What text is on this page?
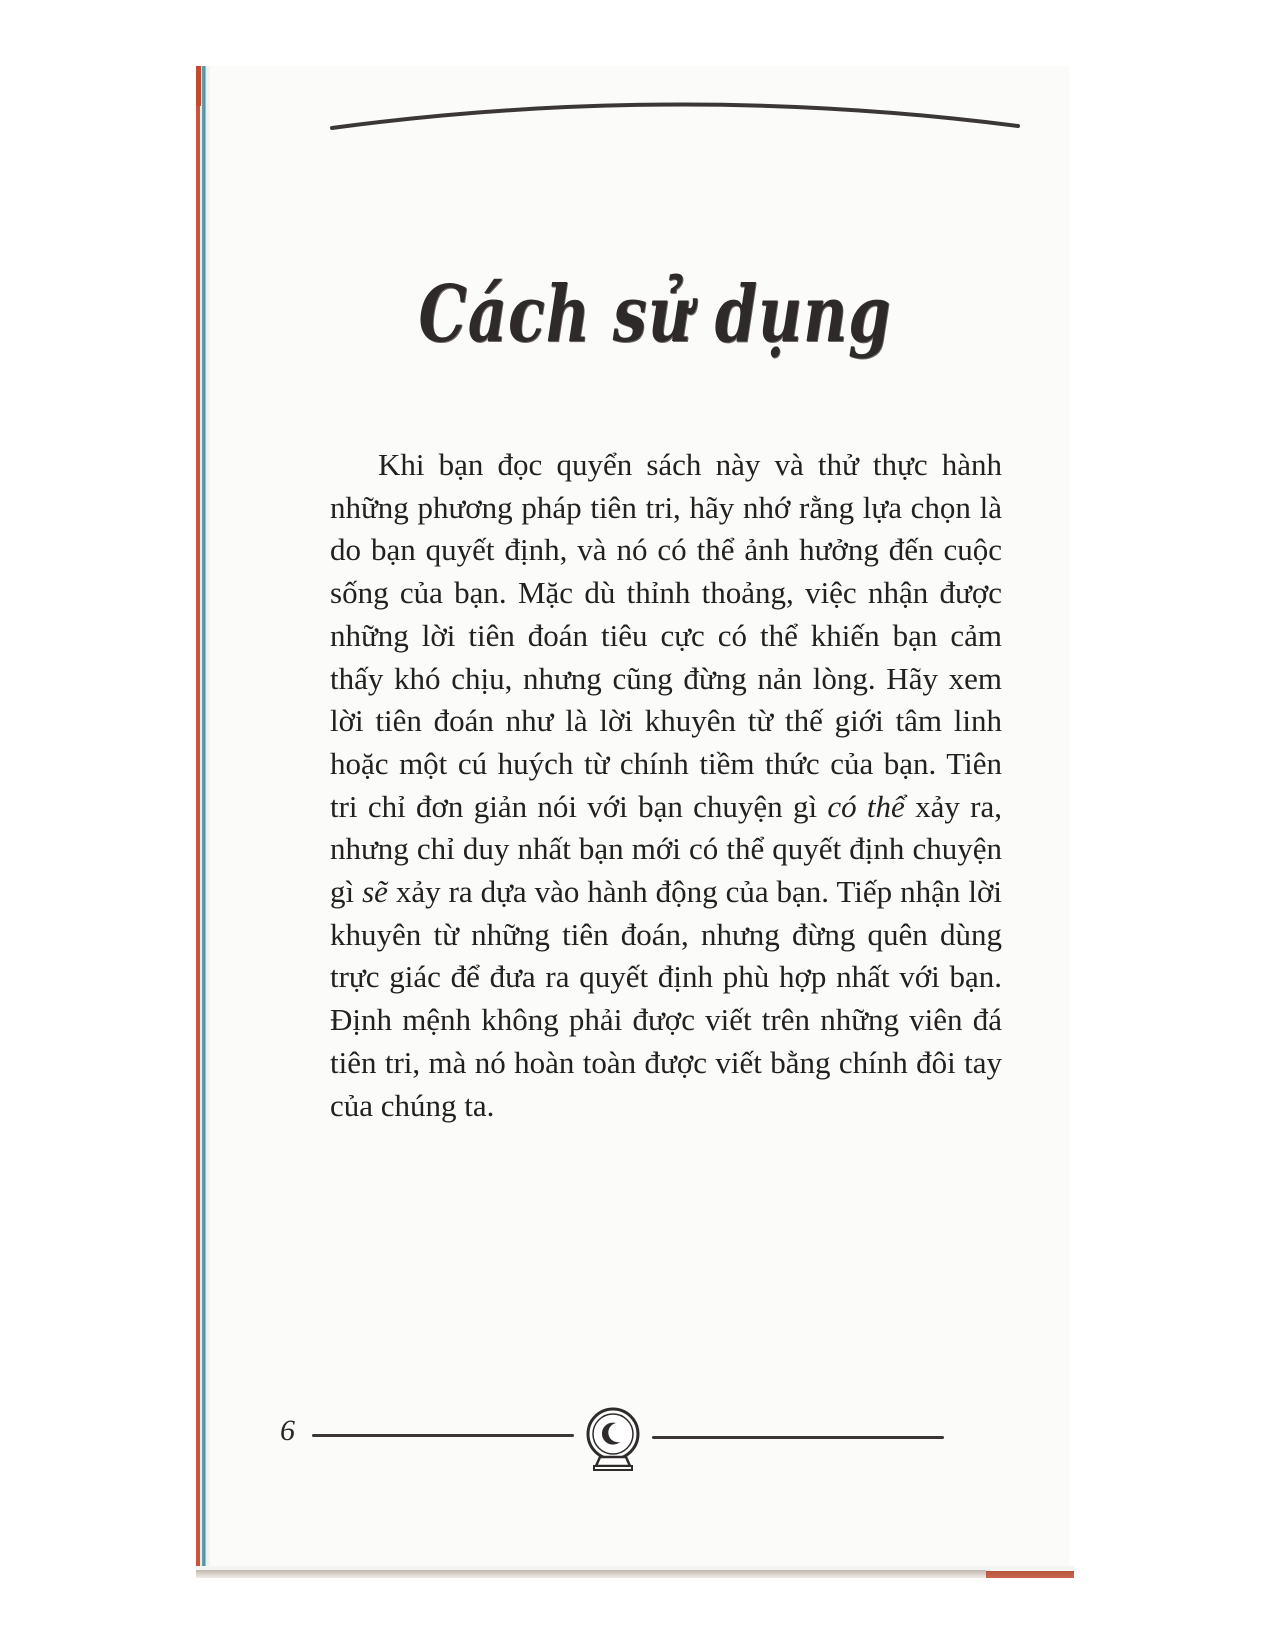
Cách sử dụng

Khi bạn đọc quyển sách này và thử thực hành những phương pháp tiên tri, hãy nhớ rằng lựa chọn là do bạn quyết định, và nó có thể ảnh hưởng đến cuộc sống của bạn. Mặc dù thỉnh thoảng, việc nhận được những lời tiên đoán tiêu cực có thể khiến bạn cảm thấy khó chịu, nhưng cũng đừng nản lòng. Hãy xem lời tiên đoán như là lời khuyên từ thế giới tâm linh hoặc một cú huých từ chính tiềm thức của bạn. Tiên tri chỉ đơn giản nói với bạn chuyện gì có thể xảy ra, nhưng chỉ duy nhất bạn mới có thể quyết định chuyện gì sẽ xảy ra dựa vào hành động của bạn. Tiếp nhận lời khuyên từ những tiên đoán, nhưng đừng quên dùng trực giác để đưa ra quyết định phù hợp nhất với bạn. Định mệnh không phải được viết trên những viên đá tiên tri, mà nó hoàn toàn được viết bằng chính đôi tay của chúng ta.

6
